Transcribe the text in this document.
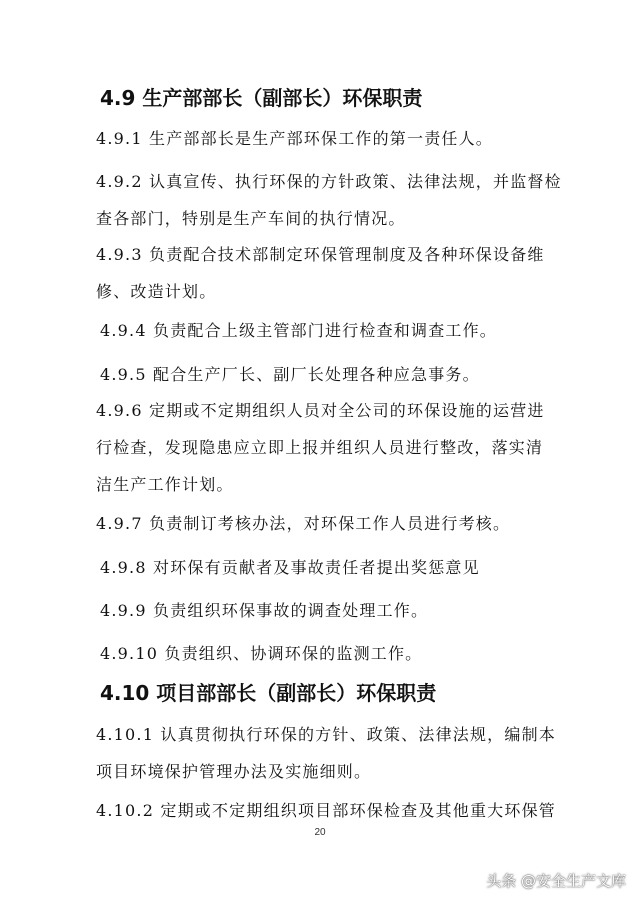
4.9 生产部部长（副部长）环保职责
4.9.1 生产部部长是生产部环保工作的第一责任人。
4.9.2 认真宣传、执行环保的方针政策、法律法规，并监督检
查各部门，特别是生产车间的执行情况。
4.9.3 负责配合技术部制定环保管理制度及各种环保设备维
修、改造计划。
4.9.4 负责配合上级主管部门进行检查和调查工作。
4.9.5 配合生产厂长、副厂长处理各种应急事务。
4.9.6 定期或不定期组织人员对全公司的环保设施的运营进
行检查，发现隐患应立即上报并组织人员进行整改，落实清
洁生产工作计划。
4.9.7 负责制订考核办法，对环保工作人员进行考核。
4.9.8 对环保有贡献者及事故责任者提出奖惩意见
4.9.9 负责组织环保事故的调查处理工作。
4.9.10 负责组织、协调环保的监测工作。
4.10 项目部部长（副部长）环保职责
4.10.1 认真贯彻执行环保的方针、政策、法律法规，编制本
项目环境保护管理办法及实施细则。
4.10.2 定期或不定期组织项目部环保检查及其他重大环保管
20
头条 @安全生产文库
